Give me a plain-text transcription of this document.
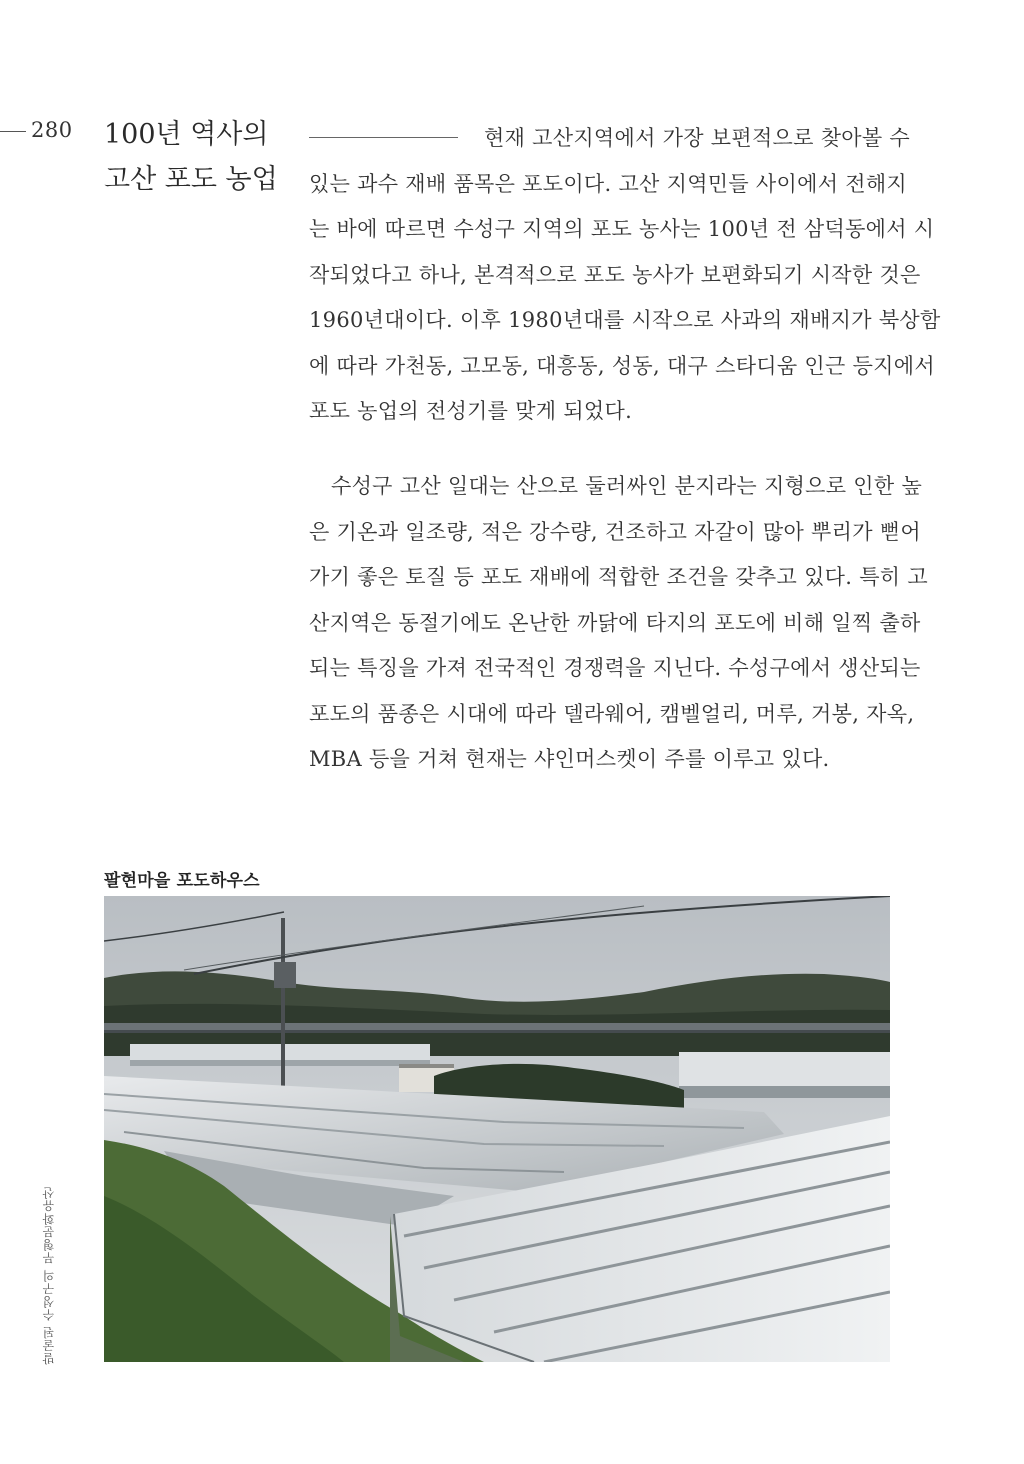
280 100년 역사의
고산 포도 농업

현재 고산지역에서 가장 보편적으로 찾아볼 수
있는 과수 재배 품목은 포도이다. 고산 지역민들 사이에서 전해지
는 바에 따르면 수성구 지역의 포도 농사는 100년 전 삼덕동에서 시
작되었다고 하나, 본격적으로 포도 농사가 보편화되기 시작한 것은
1960년대이다. 이후 1980년대를 시작으로 사과의 재배지가 북상함
에 따라 가천동, 고모동, 대흥동, 성동, 대구 스타디움 인근 등지에서
포도 농업의 전성기를 맞게 되었다.

수성구 고산 일대는 산으로 둘러싸인 분지라는 지형으로 인한 높
은 기온과 일조량, 적은 강수량, 건조하고 자갈이 많아 뿌리가 뻗어
가기 좋은 토질 등 포도 재배에 적합한 조건을 갖추고 있다. 특히 고
산지역은 동절기에도 온난한 까닭에 타지의 포도에 비해 일찍 출하
되는 특징을 가져 전국적인 경쟁력을 지닌다. 수성구에서 생산되는
포도의 품종은 시대에 따라 델라웨어, 캠벨얼리, 머루, 거봉, 자옥,
MBA 등을 거쳐 현재는 샤인머스켓이 주를 이루고 있다.

팔현마을 포도하우스
발굴된 수성구의 무형문화유산
